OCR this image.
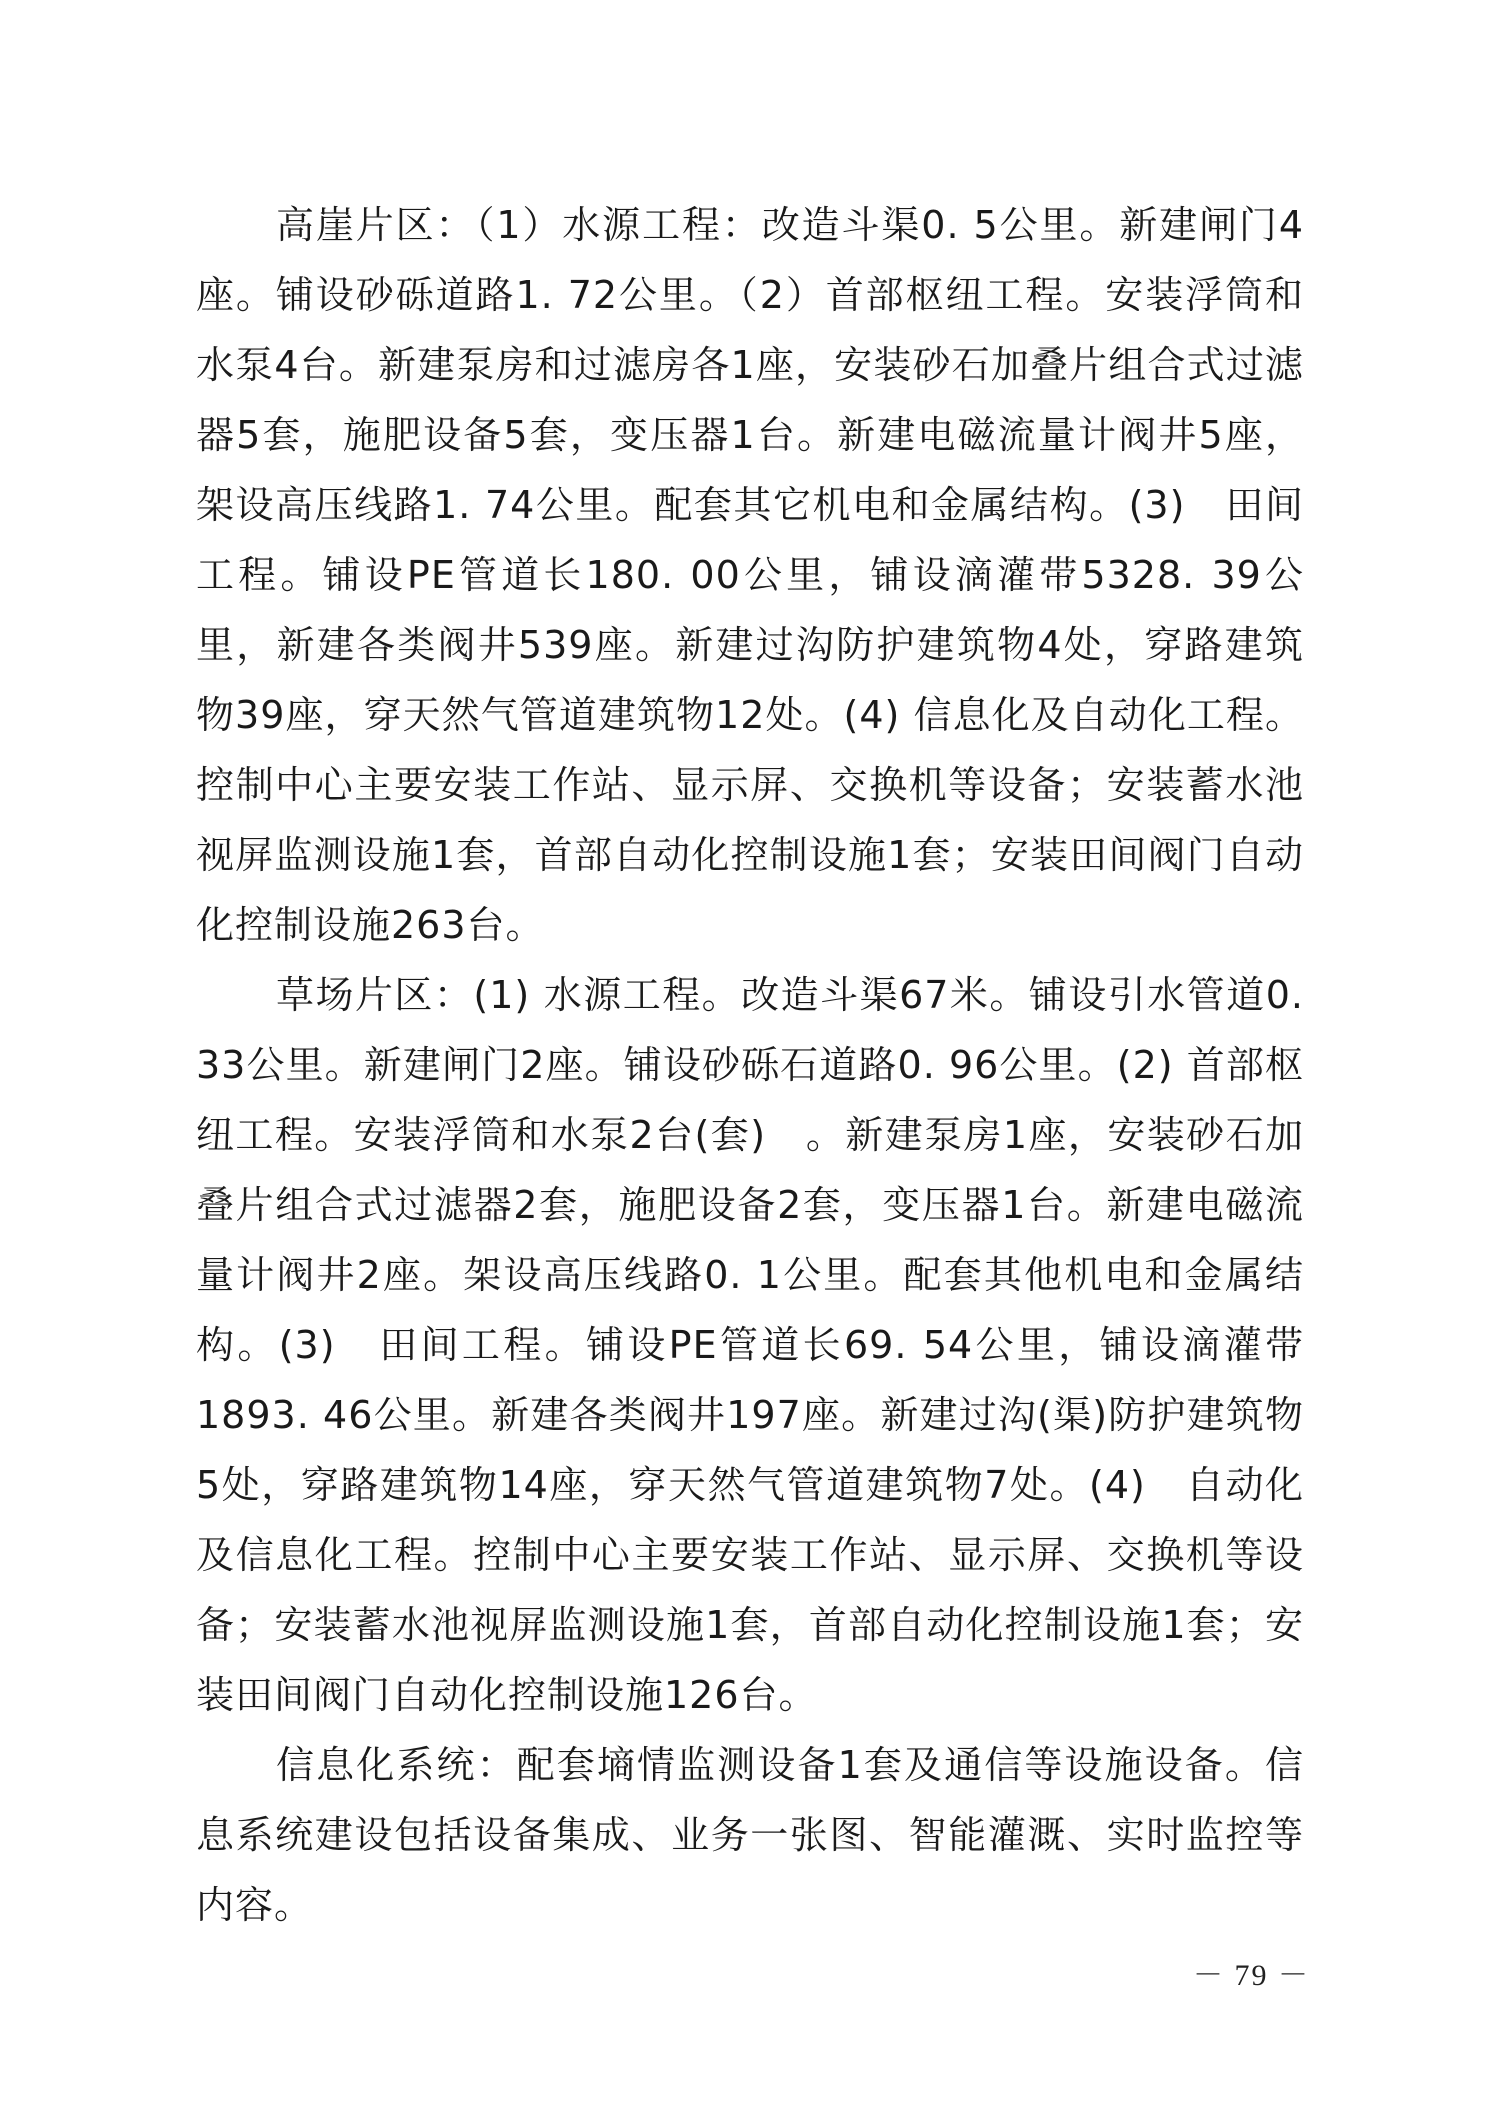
高崖片区：（1）水源工程：改造斗渠0. 5公里。新建闸门4座。铺设砂砾道路1. 72公里。（2）首部枢纽工程。安装浮筒和水泵4台。新建泵房和过滤房各1座，安装砂石加叠片组合式过滤器5套，施肥设备5套，变压器1台。新建电磁流量计阀井5座，架设高压线路1. 74公里。配套其它机电和金属结构。(3)　田间工程。铺设PE管道长180. 00公里，铺设滴灌带5328. 39公里，新建各类阀井539座。新建过沟防护建筑物4处，穿路建筑物39座，穿天然气管道建筑物12处。(4) 信息化及自动化工程。控制中心主要安装工作站、显示屏、交换机等设备；安装蓄水池视屏监测设施1套，首部自动化控制设施1套；安装田间阀门自动化控制设施263台。

草场片区：(1) 水源工程。改造斗渠67米。铺设引水管道0. 33公里。新建闸门2座。铺设砂砾石道路0. 96公里。(2) 首部枢纽工程。安装浮筒和水泵2台(套)　。新建泵房1座，安装砂石加叠片组合式过滤器2套，施肥设备2套，变压器1台。新建电磁流量计阀井2座。架设高压线路0. 1公里。配套其他机电和金属结构。(3)　田间工程。铺设PE管道长69. 54公里，铺设滴灌带1893. 46公里。新建各类阀井197座。新建过沟(渠)防护建筑物5处，穿路建筑物14座，穿天然气管道建筑物7处。(4)　自动化及信息化工程。控制中心主要安装工作站、显示屏、交换机等设备；安装蓄水池视屏监测设施1套，首部自动化控制设施1套；安装田间阀门自动化控制设施126台。

信息化系统：配套墒情监测设备1套及通信等设施设备。信息系统建设包括设备集成、业务一张图、智能灌溉、实时监控等内容。

－ 79 －
